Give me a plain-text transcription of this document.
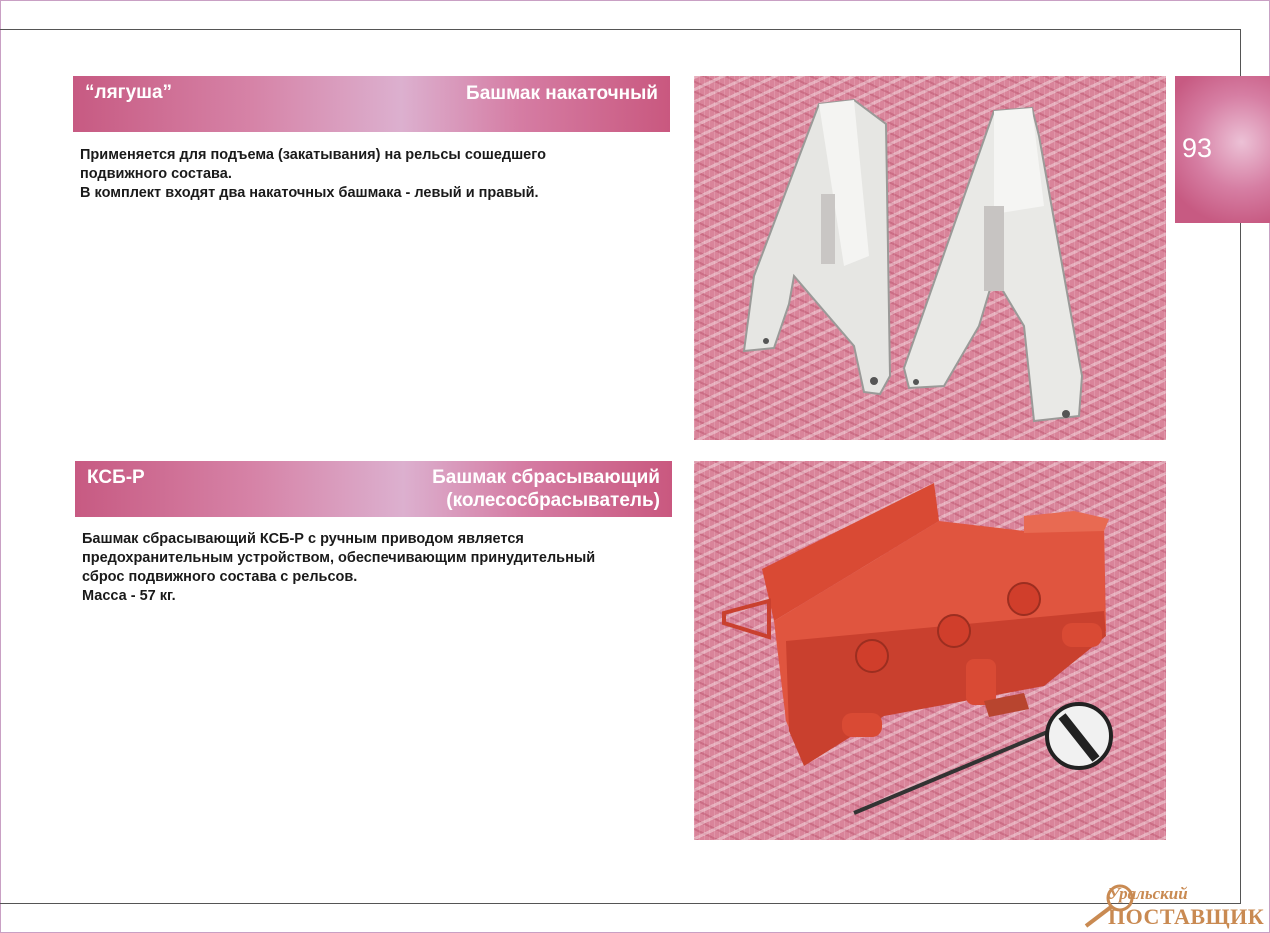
“лягуша”	Башмак накаточный

Применяется для подъема (закатывания) на рельсы сошедшего

подвижного состава.

В комплект входят два накаточных башмака - левый и правый.

93
КСБ-Р	Башмак сбрасывающий
(колесосбрасыватель)

Башмак сбрасывающий КСБ-Р с ручным приводом является

предохранительным устройством, обеспечивающим принудительный

сброс подвижного состава с рельсов.

Масса - 57 кг.

Уральский
ПОСТАВЩИК
